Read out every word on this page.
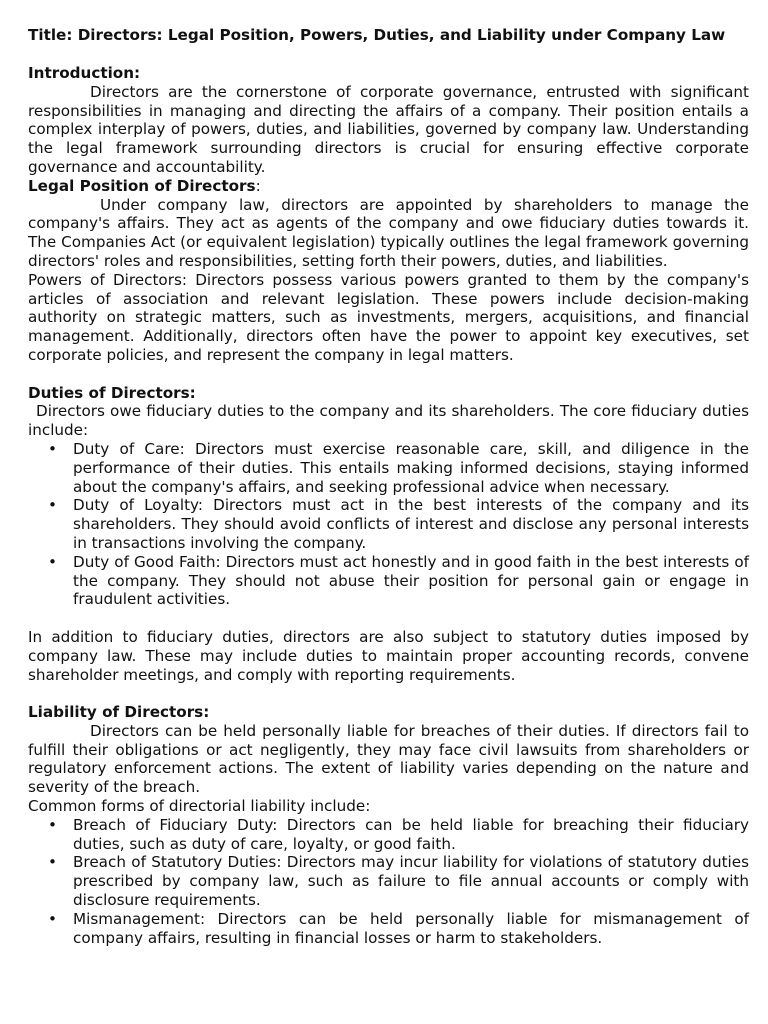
Title: Directors: Legal Position, Powers, Duties, and Liability under Company Law
Introduction:

Directors are the cornerstone of corporate governance, entrusted with significant responsibilities in managing and directing the affairs of a company. Their position entails a complex interplay of powers, duties, and liabilities, governed by company law. Understanding the legal framework surrounding directors is crucial for ensuring effective corporate governance and accountability.

Legal Position of Directors:

Under company law, directors are appointed by shareholders to manage the company's affairs. They act as agents of the company and owe fiduciary duties towards it. The Companies Act (or equivalent legislation) typically outlines the legal framework governing directors' roles and responsibilities, setting forth their powers, duties, and liabilities.

Powers of Directors: Directors possess various powers granted to them by the company's articles of association and relevant legislation. These powers include decision-making authority on strategic matters, such as investments, mergers, acquisitions, and financial management. Additionally, directors often have the power to appoint key executives, set corporate policies, and represent the company in legal matters.

Duties of Directors:

Directors owe fiduciary duties to the company and its shareholders. The core fiduciary duties include:

• Duty of Care: Directors must exercise reasonable care, skill, and diligence in the performance of their duties. This entails making informed decisions, staying informed about the company's affairs, and seeking professional advice when necessary.
• Duty of Loyalty: Directors must act in the best interests of the company and its shareholders. They should avoid conflicts of interest and disclose any personal interests in transactions involving the company.
• Duty of Good Faith: Directors must act honestly and in good faith in the best interests of the company. They should not abuse their position for personal gain or engage in fraudulent activities.

In addition to fiduciary duties, directors are also subject to statutory duties imposed by company law. These may include duties to maintain proper accounting records, convene shareholder meetings, and comply with reporting requirements.

Liability of Directors:

Directors can be held personally liable for breaches of their duties. If directors fail to fulfill their obligations or act negligently, they may face civil lawsuits from shareholders or regulatory enforcement actions. The extent of liability varies depending on the nature and severity of the breach.

Common forms of directorial liability include:

• Breach of Fiduciary Duty: Directors can be held liable for breaching their fiduciary duties, such as duty of care, loyalty, or good faith.
• Breach of Statutory Duties: Directors may incur liability for violations of statutory duties prescribed by company law, such as failure to file annual accounts or comply with disclosure requirements.
• Mismanagement: Directors can be held personally liable for mismanagement of company affairs, resulting in financial losses or harm to stakeholders.
